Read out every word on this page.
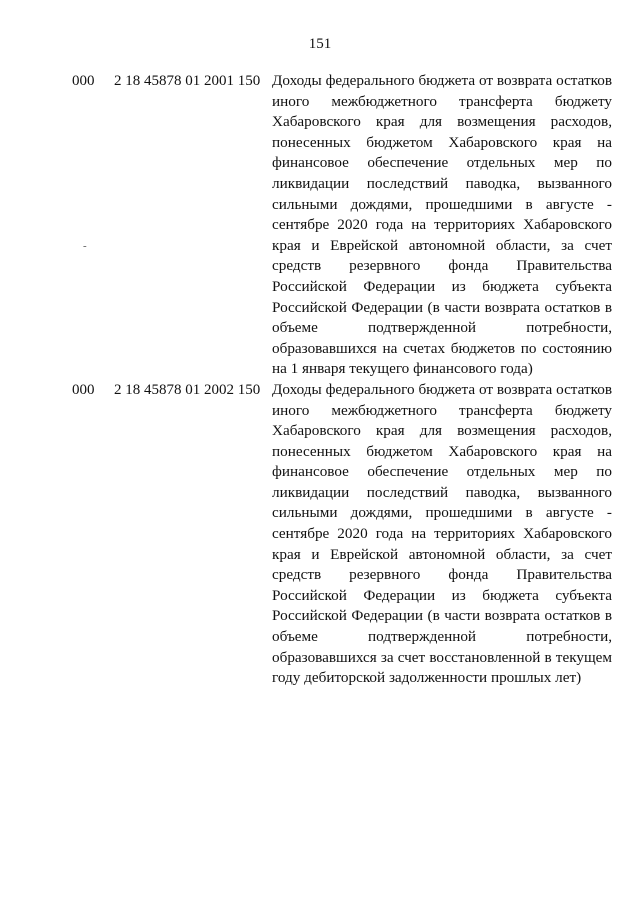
151
-
000 2 18 45878 01 2001 150 Доходы федерального бюджета от возврата остатков иного межбюджетного трансферта бюджету Хабаровского края для возмещения расходов, понесенных бюджетом Хабаровского края на финансовое обеспечение отдельных мер по ликвидации последствий паводка, вызванного сильными дождями, прошедшими в августе - сентябре 2020 года на территориях Хабаровского края и Еврейской автономной области, за счет средств резервного фонда Правительства Российской Федерации из бюджета субъекта Российской Федерации (в части возврата остатков в объеме подтвержденной потребности, образовавшихся на счетах бюджетов по состоянию на 1 января текущего финансового года)
000 2 18 45878 01 2002 150 Доходы федерального бюджета от возврата остатков иного межбюджетного трансферта бюджету Хабаровского края для возмещения расходов, понесенных бюджетом Хабаровского края на финансовое обеспечение отдельных мер по ликвидации последствий паводка, вызванного сильными дождями, прошедшими в августе - сентябре 2020 года на территориях Хабаровского края и Еврейской автономной области, за счет средств резервного фонда Правительства Российской Федерации из бюджета субъекта Российской Федерации (в части возврата остатков в объеме подтвержденной потребности, образовавшихся за счет восстановленной в текущем году дебиторской задолженности прошлых лет)
